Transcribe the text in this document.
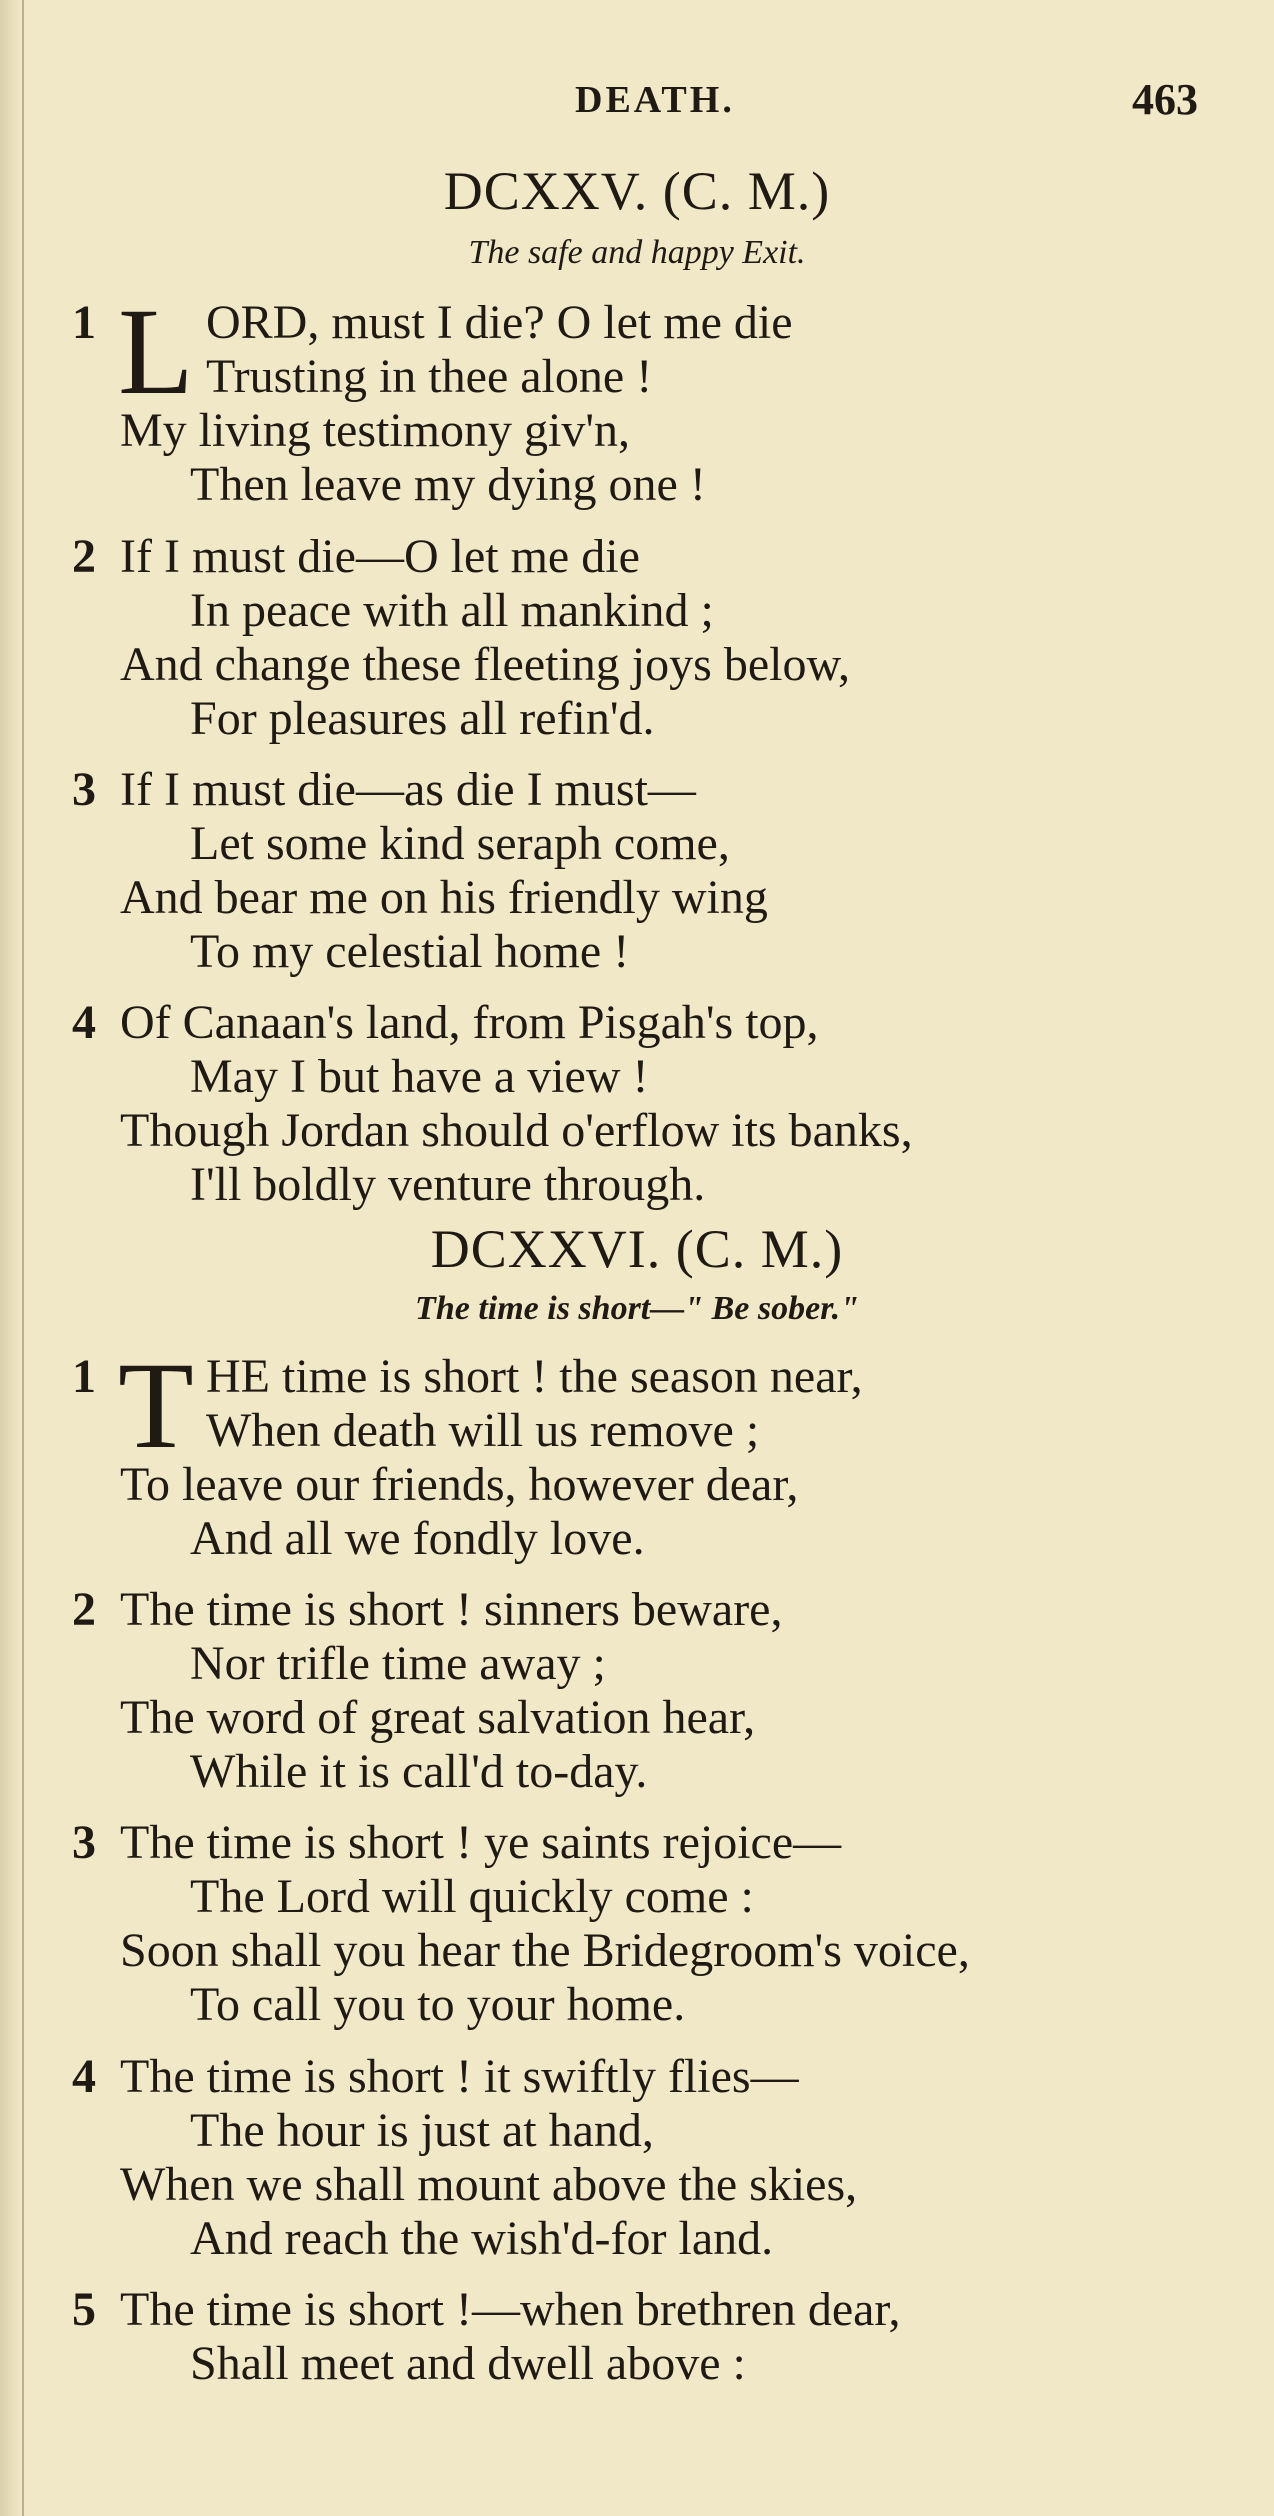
DEATH.	463
DCXXV. (C. M.)
The safe and happy Exit.
1 L ORD, must I die? O let me die
Trusting in thee alone !
My living testimony giv'n,
Then leave my dying one !
2 If I must die—O let me die
In peace with all mankind ;
And change these fleeting joys below,
For pleasures all refin'd.
3 If I must die—as die I must—
Let some kind seraph come,
And bear me on his friendly wing
To my celestial home !
4 Of Canaan's land, from Pisgah's top,
May I but have a view !
Though Jordan should o'erflow its banks,
I'll boldly venture through.
DCXXVI. (C. M.)
The time is short—" Be sober."
1 T HE time is short ! the season near,
When death will us remove ;
To leave our friends, however dear,
And all we fondly love.
2 The time is short ! sinners beware,
Nor trifle time away ;
The word of great salvation hear,
While it is call'd to-day.
3 The time is short ! ye saints rejoice—
The Lord will quickly come :
Soon shall you hear the Bridegroom's voice,
To call you to your home.
4 The time is short ! it swiftly flies—
The hour is just at hand,
When we shall mount above the skies,
And reach the wish'd-for land.
5 The time is short !—when brethren dear,
Shall meet and dwell above :
